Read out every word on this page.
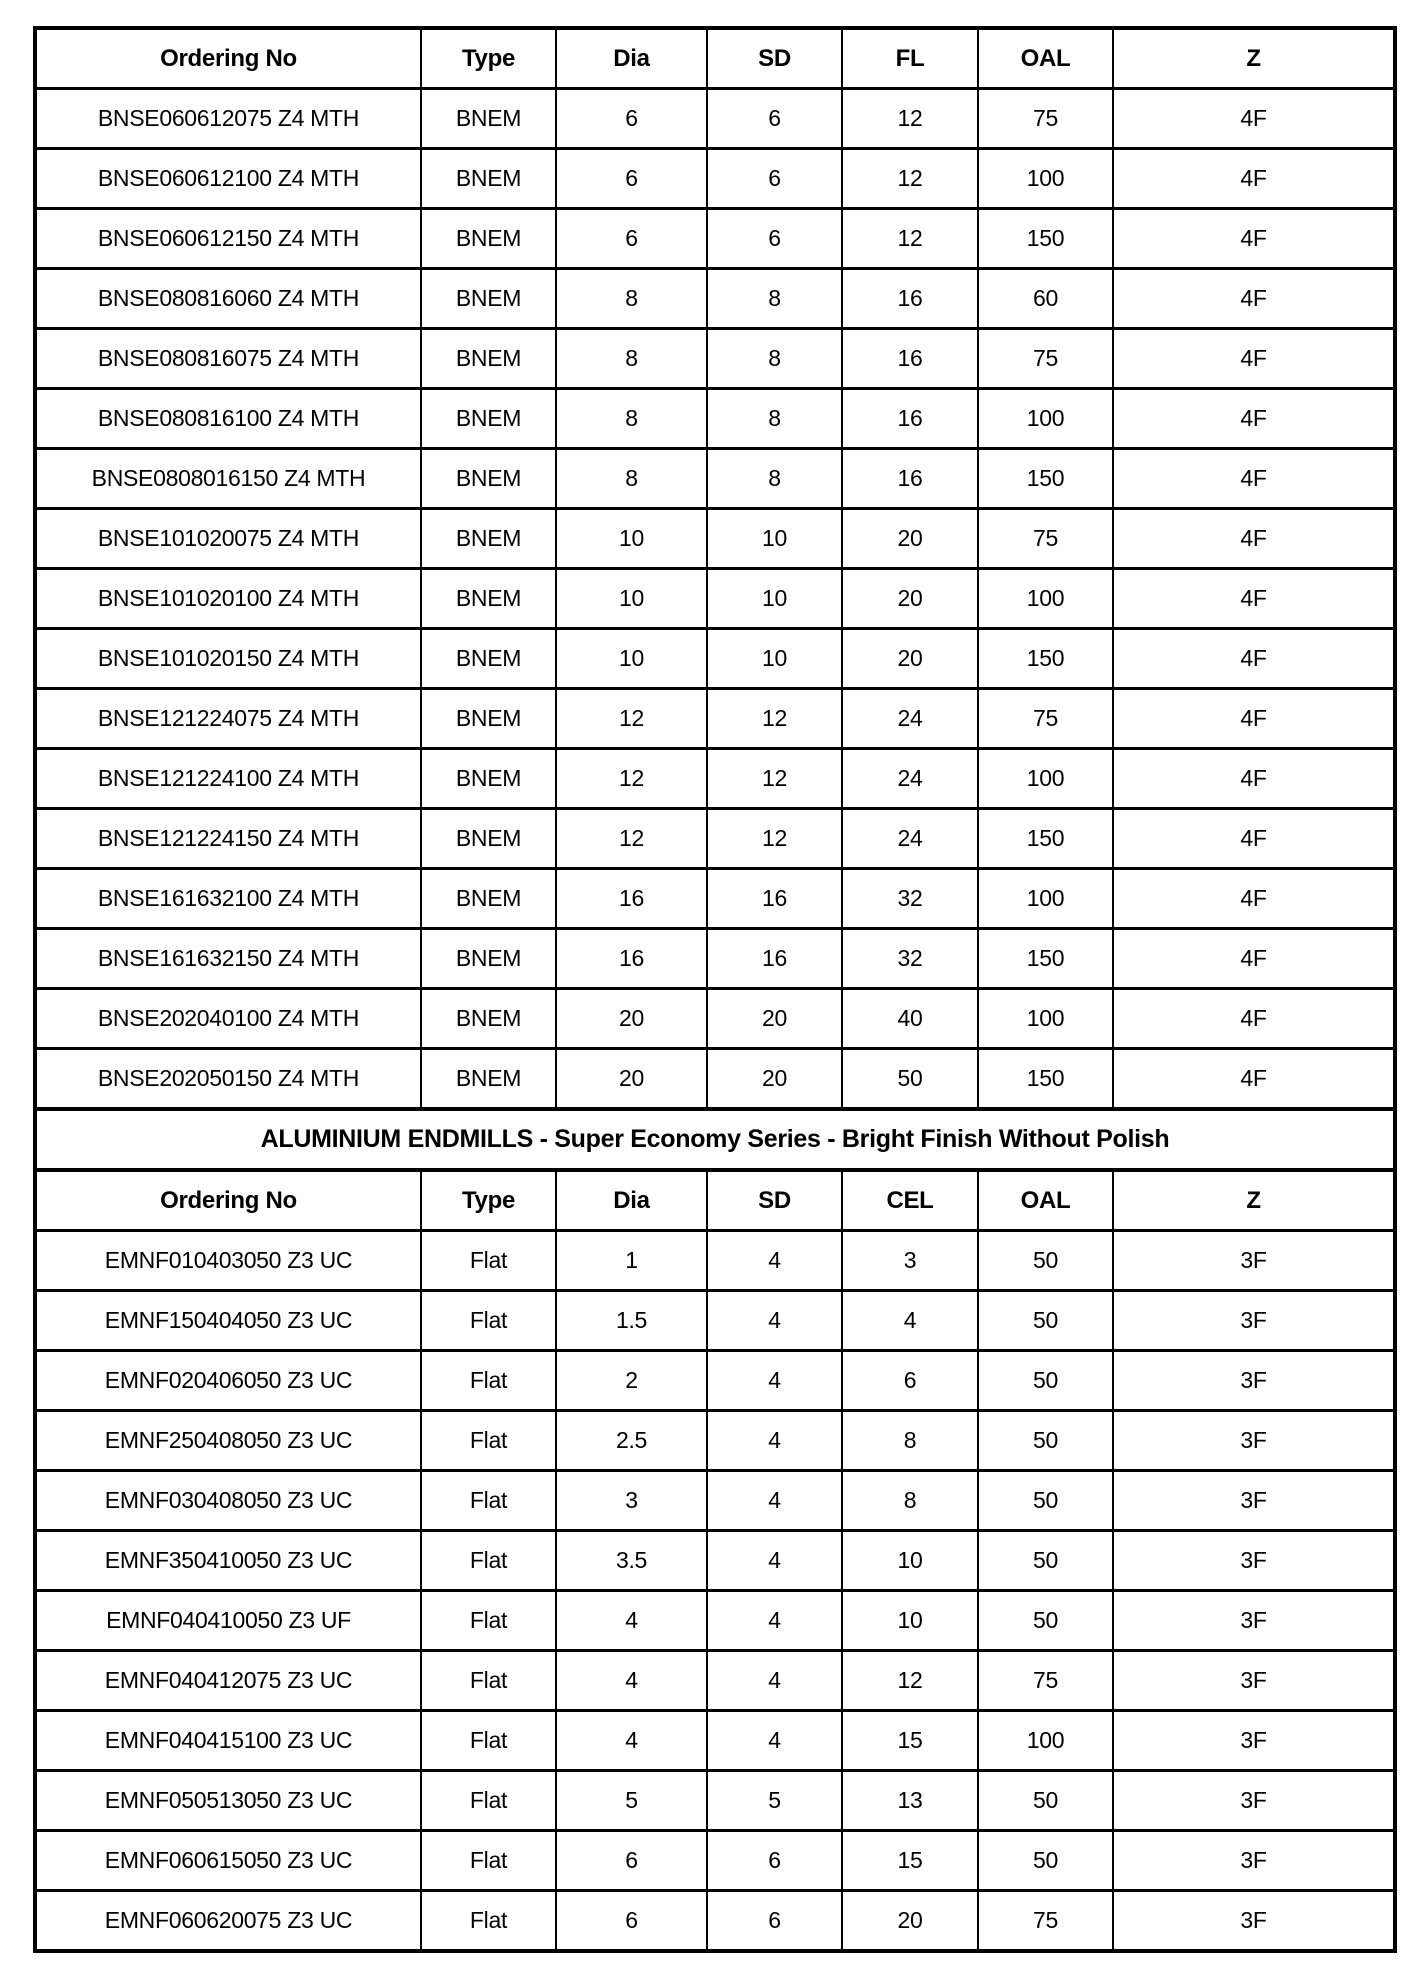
Ordering No	Type	Dia	SD	FL	OAL	Z
BNSE060612075 Z4 MTH	BNEM	6	6	12	75	4F
BNSE060612100 Z4 MTH	BNEM	6	6	12	100	4F
BNSE060612150 Z4 MTH	BNEM	6	6	12	150	4F
BNSE080816060 Z4 MTH	BNEM	8	8	16	60	4F
BNSE080816075 Z4 MTH	BNEM	8	8	16	75	4F
BNSE080816100 Z4 MTH	BNEM	8	8	16	100	4F
BNSE0808016150 Z4 MTH	BNEM	8	8	16	150	4F
BNSE101020075 Z4 MTH	BNEM	10	10	20	75	4F
BNSE101020100 Z4 MTH	BNEM	10	10	20	100	4F
BNSE101020150 Z4 MTH	BNEM	10	10	20	150	4F
BNSE121224075 Z4 MTH	BNEM	12	12	24	75	4F
BNSE121224100 Z4 MTH	BNEM	12	12	24	100	4F
BNSE121224150 Z4 MTH	BNEM	12	12	24	150	4F
BNSE161632100 Z4 MTH	BNEM	16	16	32	100	4F
BNSE161632150 Z4 MTH	BNEM	16	16	32	150	4F
BNSE202040100 Z4 MTH	BNEM	20	20	40	100	4F
BNSE202050150 Z4 MTH	BNEM	20	20	50	150	4F
ALUMINIUM ENDMILLS - Super Economy Series - Bright Finish Without Polish						
Ordering No	Type	Dia	SD	CEL	OAL	Z
EMNF010403050 Z3 UC	Flat	1	4	3	50	3F
EMNF150404050 Z3 UC	Flat	1.5	4	4	50	3F
EMNF020406050 Z3 UC	Flat	2	4	6	50	3F
EMNF250408050 Z3 UC	Flat	2.5	4	8	50	3F
EMNF030408050 Z3 UC	Flat	3	4	8	50	3F
EMNF350410050 Z3 UC	Flat	3.5	4	10	50	3F
EMNF040410050 Z3 UF	Flat	4	4	10	50	3F
EMNF040412075 Z3 UC	Flat	4	4	12	75	3F
EMNF040415100 Z3 UC	Flat	4	4	15	100	3F
EMNF050513050 Z3 UC	Flat	5	5	13	50	3F
EMNF060615050 Z3 UC	Flat	6	6	15	50	3F
EMNF060620075 Z3 UC	Flat	6	6	20	75	3F
